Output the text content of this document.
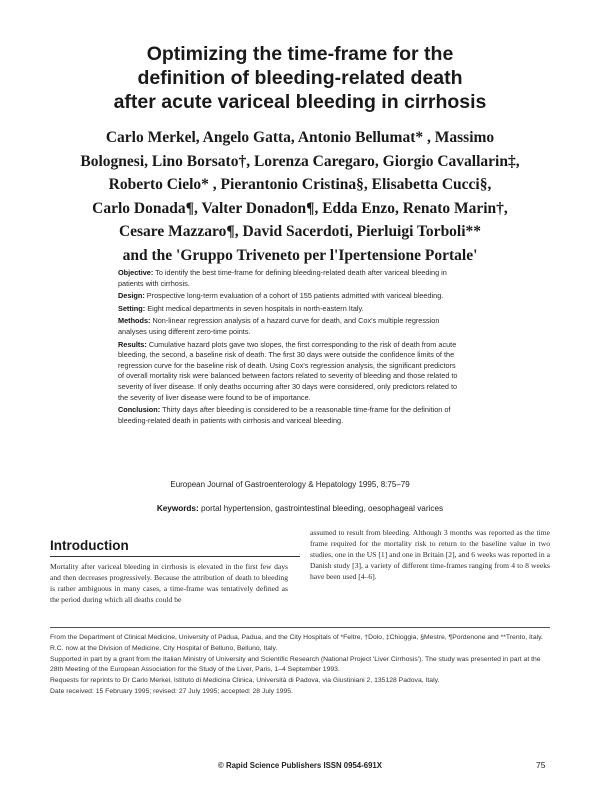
Optimizing the time-frame for the
definition of bleeding-related death
after acute variceal bleeding in cirrhosis
Carlo Merkel, Angelo Gatta, Antonio Bellumat* , Massimo
Bolognesi, Lino Borsato†, Lorenza Caregaro, Giorgio Cavallarin‡,
Roberto Cielo* , Pierantonio Cristina§, Elisabetta Cucci§,
Carlo Donada¶, Valter Donadon¶, Edda Enzo, Renato Marin†,
Cesare Mazzaro¶, David Sacerdoti, Pierluigi Torboli**
and the 'Gruppo Triveneto per l'Ipertensione Portale'

Objective: To identify the best time-frame for defining bleeding-related death after variceal bleeding in patients with cirrhosis.

Design: Prospective long-term evaluation of a cohort of 155 patients admitted with variceal bleeding.

Setting: Eight medical departments in seven hospitals in north-eastern Italy.

Methods: Non-linear regression analysis of a hazard curve for death, and Cox's multiple regression analyses using different zero-time points.

Results: Cumulative hazard plots gave two slopes, the first corresponding to the risk of death from acute bleeding, the second, a baseline risk of death. The first 30 days were outside the confidence limits of the regression curve for the baseline risk of death. Using Cox's regression analysis, the significant predictors of overall mortality risk were balanced between factors related to severity of bleeding and those related to severity of liver disease. If only deaths occurring after 30 days were considered, only predictors related to the severity of liver disease were found to be of importance.

Conclusion: Thirty days after bleeding is considered to be a reasonable time-frame for the definition of bleeding-related death in patients with cirrhosis and variceal bleeding.

European Journal of Gastroenterology & Hepatology 1995, 8:75–79
Keywords: portal hypertension, gastrointestinal bleeding, oesophageal varices
Introduction
Mortality after variceal bleeding in cirrhosis is elevated in the first few days and then decreases progressively. Because the attribution of death to bleeding is rather ambiguous in many cases, a time-frame was tentatively defined as the period during which all deaths could be
assumed to result from bleeding. Although 3 months was reported as the time frame required for the mortality risk to return to the baseline value in two studies, one in the US [1] and one in Britain [2], and 6 weeks was reported in a Danish study [3], a variety of different time-frames ranging from 4 to 8 weeks have been used [4–6].

From the Department of Clinical Medicine, University of Padua, Padua, and the City Hospitals of *Feltre, †Dolo, ‡Chioggia, §Mestre, ¶Pordenone and **Trento, Italy.

R.C. now at the Division of Medicine, City Hospital of Belluno, Belluno, Italy.

Supported in part by a grant from the Italian Ministry of University and Scientific Research (National Project 'Liver Cirrhosis'). The study was presented in part at the 28th Meeting of the European Association for the Study of the Liver, Paris, 1–4 September 1993.

Requests for reprints to Dr Carlo Merkel, Istituto di Medicina Clinica, Università di Padova, via Giustiniani 2, 135128 Padova, Italy.

Date received: 15 February 1995; revised: 27 July 1995; accepted: 28 July 1995.

© Rapid Science Publishers ISSN 0954-691X	75
